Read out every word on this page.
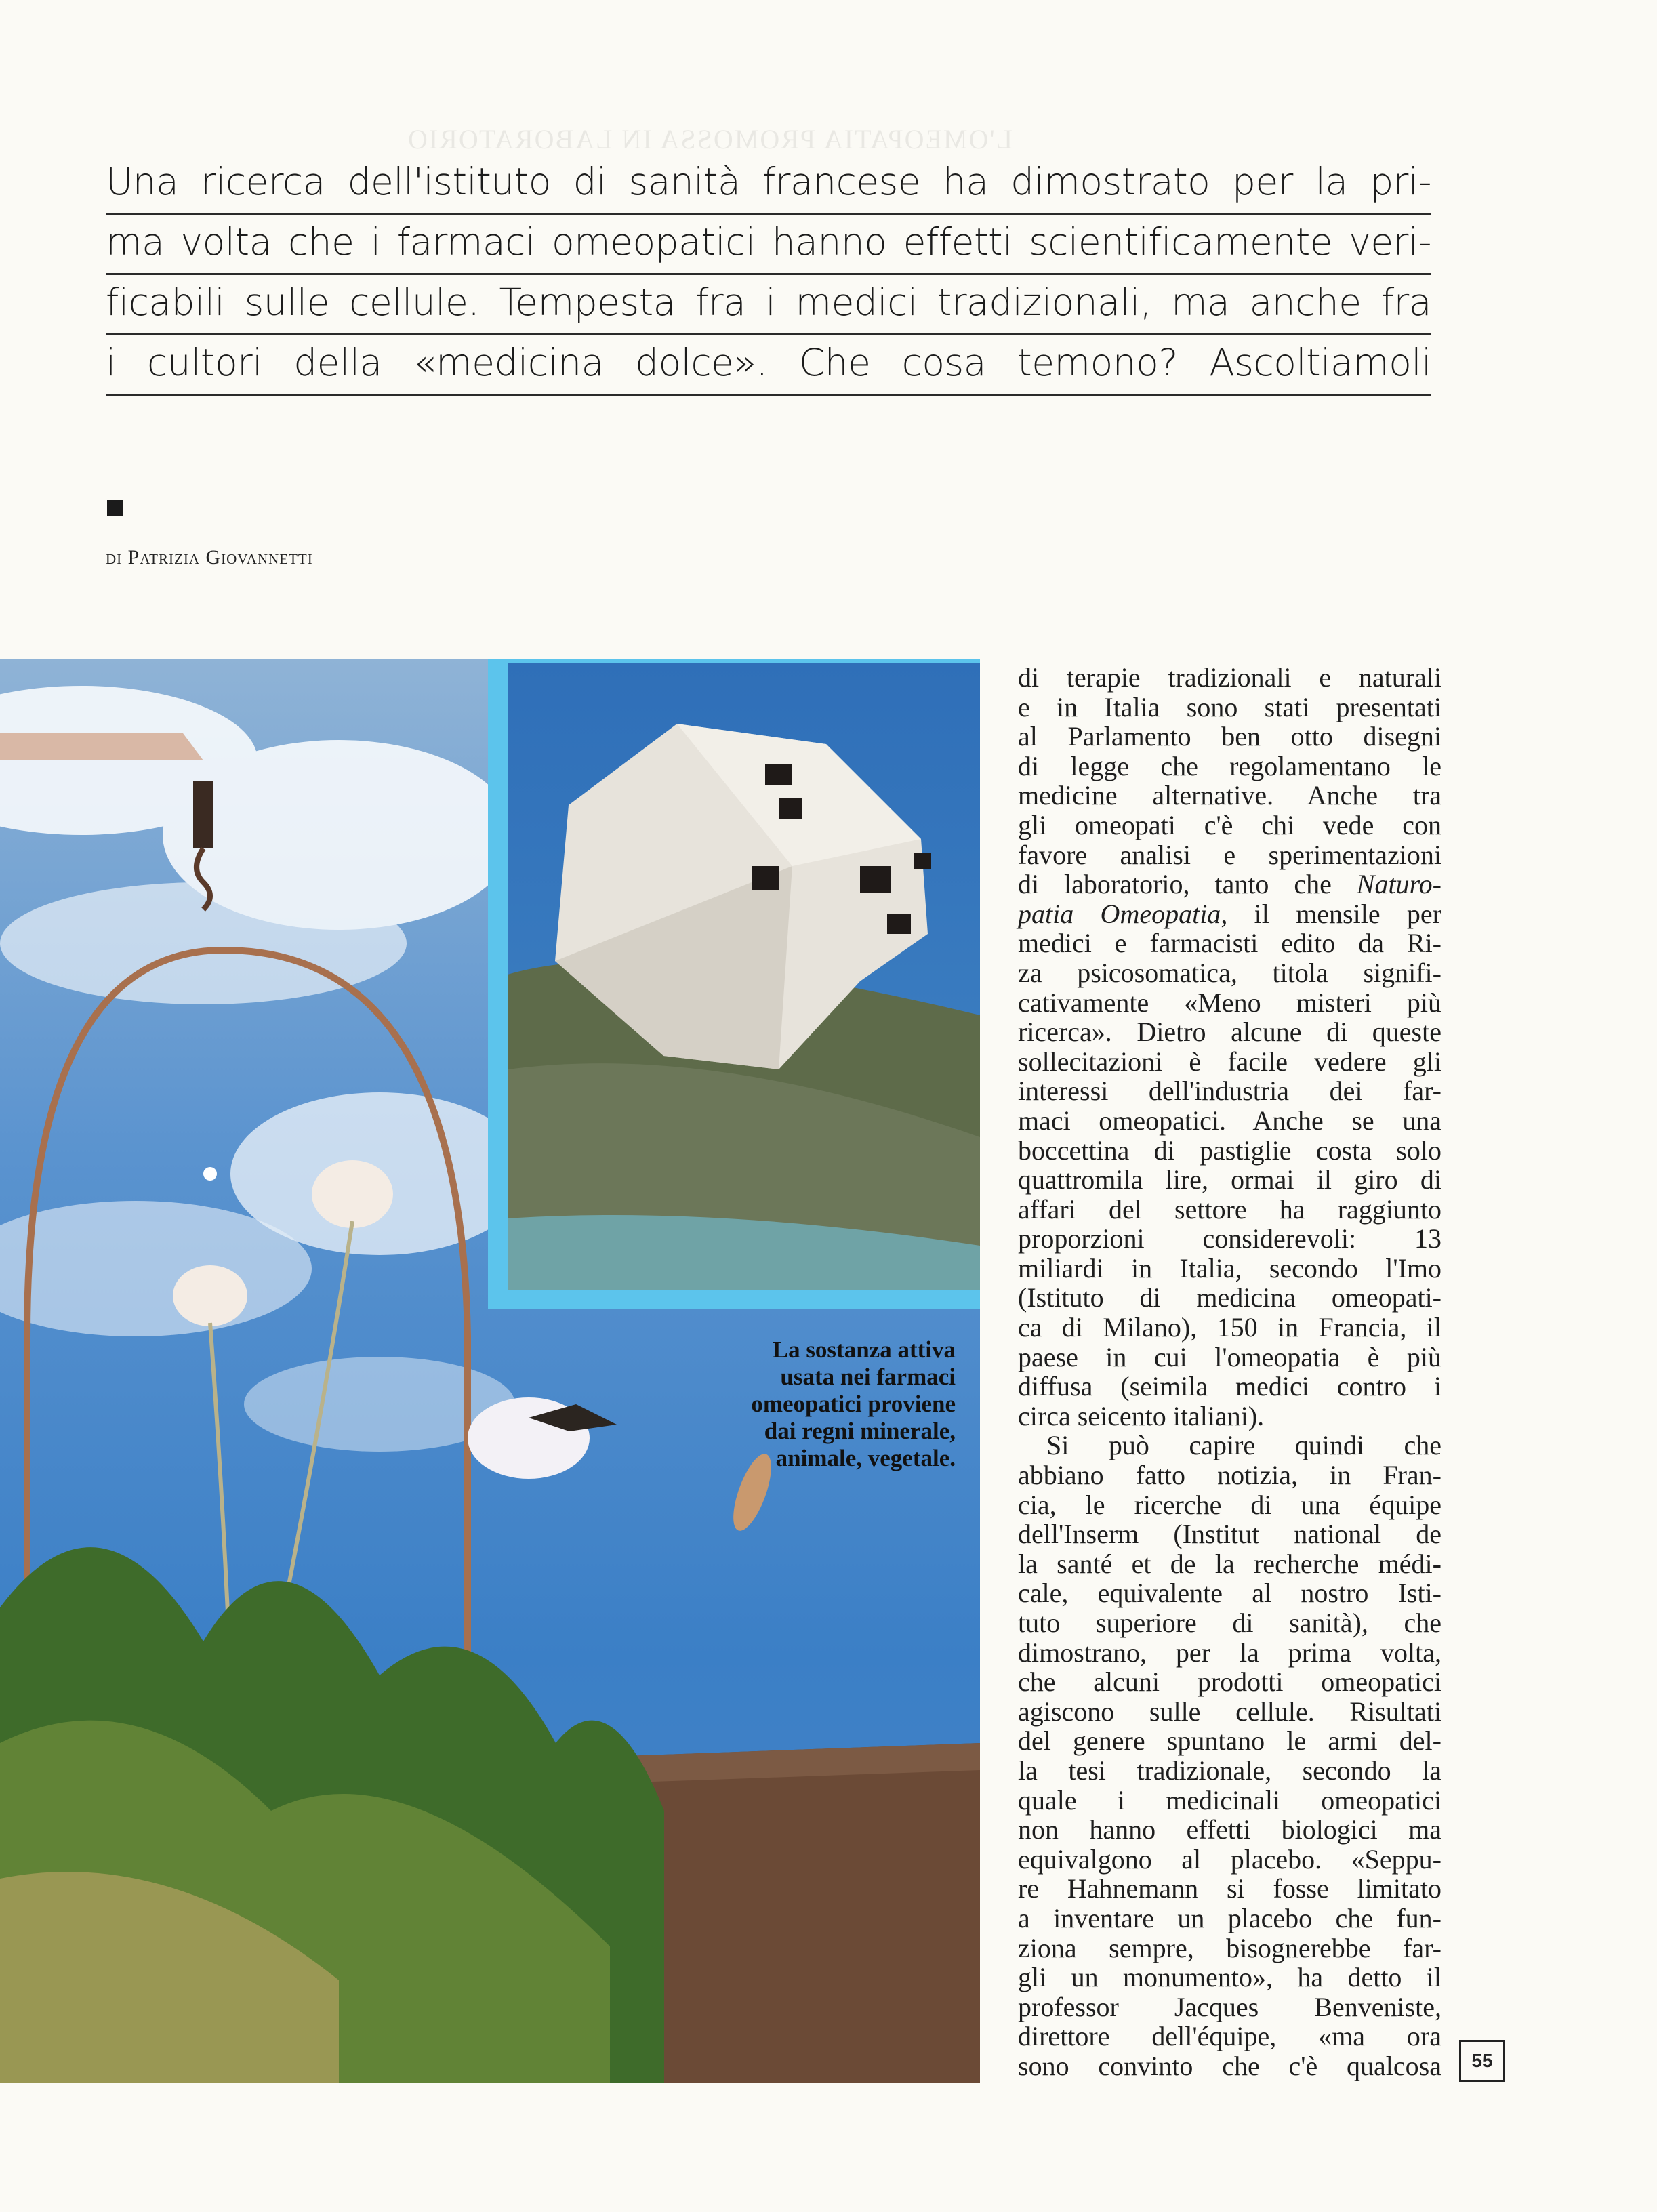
L'OMEOPATIA PROMOSSA IN LABORATORIO
Una ricerca dell'istituto di sanità francese ha dimostrato per la pri-
ma volta che i farmaci omeopatici hanno effetti scientificamente veri-
ficabili sulle cellule. Tempesta fra i medici tradizionali, ma anche fra
i cultori della «medicina dolce». Che cosa temono? Ascoltiamoli
di Patrizia Giovannetti
La sostanza attiva
usata nei farmaci
omeopatici proviene
dai regni minerale,
animale, vegetale.
di terapie tradizionali e naturali
e in Italia sono stati presentati
al Parlamento ben otto disegni
di legge che regolamentano le
medicine alternative. Anche tra
gli omeopati c'è chi vede con
favore analisi e sperimentazioni
di laboratorio, tanto che Naturo-
patia Omeopatia, il mensile per
medici e farmacisti edito da Ri-
za psicosomatica, titola signifi-
cativamente «Meno misteri più
ricerca». Dietro alcune di queste
sollecitazioni è facile vedere gli
interessi dell'industria dei far-
maci omeopatici. Anche se una
boccettina di pastiglie costa solo
quattromila lire, ormai il giro di
affari del settore ha raggiunto
proporzioni considerevoli: 13
miliardi in Italia, secondo l'Imo
(Istituto di medicina omeopati-
ca di Milano), 150 in Francia, il
paese in cui l'omeopatia è più
diffusa (seimila medici contro i
circa seicento italiani).
Si può capire quindi che
abbiano fatto notizia, in Fran-
cia, le ricerche di una équipe
dell'Inserm (Institut national de
la santé et de la recherche médi-
cale, equivalente al nostro Isti-
tuto superiore di sanità), che
dimostrano, per la prima volta,
che alcuni prodotti omeopatici
agiscono sulle cellule. Risultati
del genere spuntano le armi del-
la tesi tradizionale, secondo la
quale i medicinali omeopatici
non hanno effetti biologici ma
equivalgono al placebo. «Seppu-
re Hahnemann si fosse limitato
a inventare un placebo che fun-
ziona sempre, bisognerebbe far-
gli un monumento», ha detto il
professor Jacques Benveniste,
direttore dell'équipe, «ma ora
sono convinto che c'è qualcosa	55
